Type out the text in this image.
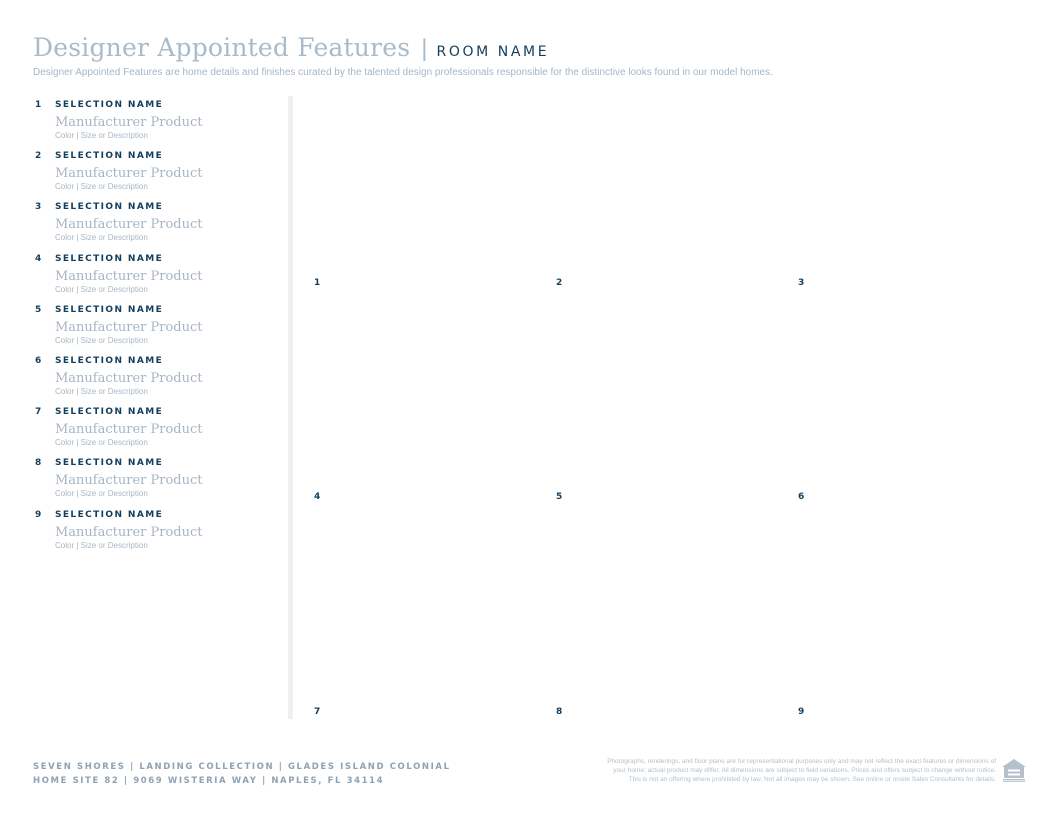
Designer Appointed Features | ROOM NAME
Designer Appointed Features are home details and finishes curated by the talented design professionals responsible for the distinctive looks found in our model homes.
1 SELECTION NAME
Manufacturer Product
Color | Size or Description
2 SELECTION NAME
Manufacturer Product
Color | Size or Description
3 SELECTION NAME
Manufacturer Product
Color | Size or Description
4 SELECTION NAME
Manufacturer Product
Color | Size or Description
5 SELECTION NAME
Manufacturer Product
Color | Size or Description
6 SELECTION NAME
Manufacturer Product
Color | Size or Description
7 SELECTION NAME
Manufacturer Product
Color | Size or Description
8 SELECTION NAME
Manufacturer Product
Color | Size or Description
9 SELECTION NAME
Manufacturer Product
Color | Size or Description
1	2	3
4	5	6
7	8	9
SEVEN SHORES | LANDING COLLECTION | GLADES ISLAND COLONIAL
HOME SITE 82 | 9069 WISTERIA WAY | NAPLES, FL 34114
Photographs, renderings, and floor plans are for representational purposes only and may not reflect the exact features or dimensions of
your home; actual product may differ. All dimensions are subject to field variations. Prices and offers subject to change without notice.
This is not an offering where prohibited by law. Not all images may be shown. See online or onsite Sales Consultants for details.
